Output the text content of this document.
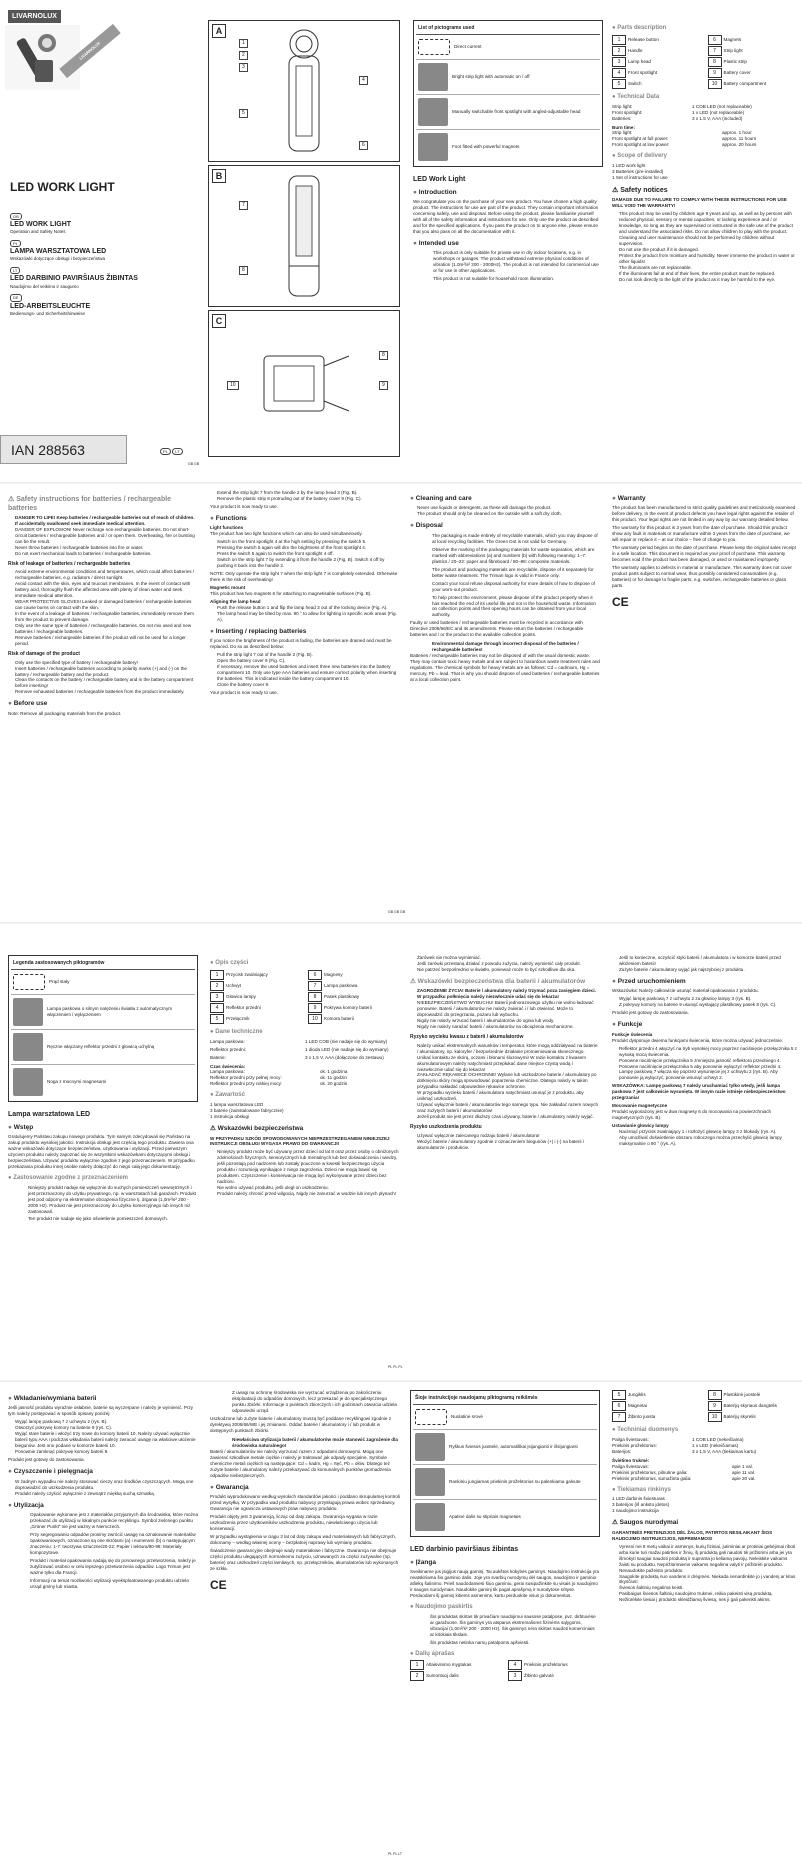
LIVARNOLUX
LIVARNOLUX
LED WORK LIGHT
GB
LED WORK LIGHT
Operation and Safety Notes
PL
LAMPA WARSZTATOWA LED
Wskazówki dotyczące obsługi i bezpieczeństwa
LT
LED DARBINIO PAVIRŠIAUS ŽIBINTAS
Naudojimo del veikimo ir saugumo
DE
LED-ARBEITSLEUCHTE
Bedienungs- und Sicherheitshinweise
IAN 288563	PL LT
GB GB
A
1
2
3
4
5
6
B
7
8
C
8
9
10
List of pictograms used
Direct current
Bright strip light with automatic on / off
Manually switchable front spotlight with angled-adjustable head
Foot fitted with powerful magnets
LED Work Light
● Introduction

We congratulate you on the purchase of your new product. You have chosen a high quality product. The instructions for use are part of the product. They contain important information concerning safety, use and disposal. Before using the product, please familiarise yourself with all of the safety information and instructions for use. Only use the product as described and for the specified applications. If you pass the product on to anyone else, please ensure that you also pass on all the documentation with it.

● Intended use

This product is only suitable for private use in dry indoor locations, e.g. in workshops or garages. The product withstand extreme physical conditions of vibration (1.0m²/s² 200 - 2000Hz). The product is not intended for commercial use or for use in other applications.

This product is not suitable for household room illumination.

● Parts description
1 Release button	6 Magnets
2 Handle	7 Strip light
3 Lamp head	8 Plastic strip
4 Front spotlight	9 Battery cover
5 Switch	10 Battery compartment
● Technical Data
Strip light:	1 COB LED (not replaceable)
Front spotlight:	1 x LED (not replaceable)
Batteries:	3 x 1.5 V, AAA (included)
Burn time:
Strip light:	approx. 1 hour
Front spotlight at full power:	approx. 11 hours
Front spotlight at low power:	approx. 20 hours
● Scope of delivery
1 LED work light
3 Batteries (pre-installed)
1 Set of instructions for use
⚠ Safety notices

DAMAGE DUE TO FAILURE TO COMPLY WITH THESE INSTRUCTIONS FOR USE WILL VOID THE WARRANTY!

• This product may be used by children age 8 years and up, as well as by persons with reduced physical, sensory or mental capacities, or lacking experience and / or knowledge, so long as they are supervised or instructed in the safe use of the product and understand the associated risks. Do not allow children to play with the product. Cleaning and user maintenance should not be performed by children without supervision.
• Do not use the product if it is damaged.
• Protect the product from moisture and humidity. Never immerse the product in water or other liquids!
• The illuminants are not replaceable.
• If the illuminants fail at end of their lives, the entire product must be replaced.
• Do not look directly to the light of the product as it may be harmful to the eye.
⚠ Safety instructions for batteries / rechargeable batteries
• DANGER TO LIFE! Keep batteries / rechargeable batteries out of reach of children. If accidentally swallowed seek immediate medical attention.
• DANGER OF EXPLOSION! Never recharge non-rechargeable batteries. Do not short-circuit batteries / rechargeable batteries and / or open them. Overheating, fire or bursting can be the result.
• Never throw batteries / rechargeable batteries into fire or water.
• Do not exert mechanical loads to batteries / rechargeable batteries.
Risk of leakage of batteries / rechargeable batteries
• Avoid extreme environmental conditions and temperatures, which could affect batteries / rechargeable batteries, e.g. radiators / direct sunlight.
• Avoid contact with the skin, eyes and mucous membranes. In the event of contact with battery acid, thoroughly flush the affected area with plenty of clean water and seek immediate medical attention.
• WEAR PROTECTIVE GLOVES! Leaked or damaged batteries / rechargeable batteries can cause burns on contact with the skin.
• In the event of a leakage of batteries / rechargeable batteries, immediately remove them from the product to prevent damage.
• Only use the same type of batteries / rechargeable batteries. Do not mix used and new batteries / rechargeable batteries.
• Remove batteries / rechargeable batteries if the product will not be used for a longer period.
Risk of damage of the product
• Only use the specified type of battery / rechargeable battery!
• Insert batteries / rechargeable batteries according to polarity marks (+) and (-) on the battery / rechargeable battery and the product.
• Clean the contacts on the battery / rechargeable battery and in the battery compartment before inserting!
• Remove exhausted batteries / rechargeable batteries from the product immediately.
● Before use

Note: Remove all packaging materials from the product.

• Extend the strip light 7 from the handle 2 by the lamp head 3 (Fig. B).
• Remove the plastic strip 8 protruding out of the battery cover 9 (Fig. C).

Your product is now ready to use.

● Functions
Light functions

The product has two light functions which can also be used simultaneously.

• Switch on the front spotlight 4 at the high setting by pressing the switch 5.
• Pressing the switch 5 again will dim the brightness of the front spotlight 4.
• Press the switch 5 again to switch the front spotlight 4 off.
• Switch on the strip light 7 by extending it from the handle 2 (Fig. B). Switch it off by pushing it back into the handle 2.

NOTE: Only operate the strip light 7 when the strip light 7 is completely extended. Otherwise there is the risk of overheating!

Magnetic mount

This product has two magnets 6 for attaching to magnetisable surfaces (Fig. B).

Aligning the lamp head
• Push the release button 1 and flip the lamp head 3 out of the locking device (Fig. A).
• The lamp head may be tilted by max. 90 ° to allow for lighting in specific work areas (Fig. A).
● Inserting / replacing batteries

If you notice the brightness of the product is fading, the batteries are drained and must be replaced. Do so as described below:

• Pull the strip light 7 out of the handle 2 (Fig. B).
• Open the battery cover 9 (Fig. C).
• If necessary, remove the used batteries and insert three new batteries into the battery compartment 10. Only use type AAA batteries and ensure correct polarity when inserting the batteries. This is indicated inside the battery compartment 10.
• Close the battery cover 9.

Your product is now ready to use.

● Cleaning and care
• Never use liquids or detergents, as these will damage the product.
• The product should only be cleaned on the outside with a soft dry cloth.
● Disposal

The packaging is made entirely of recyclable materials, which you may dispose of at local recycling facilities. The Green Dot is not valid for Germany.

Observe the marking of the packaging materials for waste separation, which are marked with abbreviations (a) and numbers (b) with following meaning: 1–7: plastics / 20–22: paper and fibreboard / 80–98: composite materials.

The product and packaging materials are recyclable, dispose of it separately for better waste treatment. The Triman logo is valid in France only.

Contact your local refuse disposal authority for more details of how to dispose of your worn-out product.

To help protect the environment, please dispose of the product properly when it has reached the end of its useful life and not in the household waste. Information on collection points and their opening hours can be obtained from your local authority.

Faulty or used batteries / rechargeable batteries must be recycled in accordance with Directive 2006/66/EC and its amendments. Please return the batteries / rechargeable batteries and / or the product to the available collection points.

Environmental damage through incorrect disposal of the batteries / rechargeable batteries!

Batteries / rechargeable batteries may not be disposed of with the usual domestic waste. They may contain toxic heavy metals and are subject to hazardous waste treatment rules and regulations. The chemical symbols for heavy metals are as follows: Cd = cadmium, Hg = mercury, Pb = lead. That is why you should dispose of used batteries / rechargeable batteries at a local collection point.

● Warranty

The product has been manufactured to strict quality guidelines and meticulously examined before delivery. In the event of product defects you have legal rights against the retailer of this product. Your legal rights are not limited in any way by our warranty detailed below.

The warranty for this product is 3 years from the date of purchase. Should this product show any fault in materials or manufacture within 3 years from the date of purchase, we will repair or replace it – at our choice – free of charge to you.

The warranty period begins on the date of purchase. Please keep the original sales receipt in a safe location. This document is required as your proof of purchase. This warranty becomes void if the product has been damaged, or used or maintained improperly.

The warranty applies to defects in material or manufacture. This warranty does not cover product parts subject to normal wear, thus possibly considered consumables (e.g. batteries) or for damage to fragile parts, e.g. switches, rechargeable batteries or glass parts.

CE
GB GB GB
Legenda zastosowanych piktogramów
Prąd stały
Lampa paskowa o silnym natężeniu światła z automatycznym włączeniem i wyłączeniem
Ręczne włączany reflektor przedni z głowicą uchylną
Noga z mocnymi magnesami
Lampa warsztatowa LED
● Wstęp

Gratulujemy Państwu zakupu nowego produktu. Tym samym zdecydowali się Państwo na zakup produktu wysokiej jakości. Instrukcja obsługi jest częścią tego produktu. Zawiera ona ważne wskazówki dotyczące bezpieczeństwa, użytkowania i utylizacji. Przed pierwszym użyciem produktu należy zapoznać się ze wszystkimi wskazówkami dotyczącymi obsługi i bezpieczeństwa. Używać produktu wyłącznie zgodnie z jego przeznaczeniem. W przypadku przekazania produktu innej osobie należy dołączyć do niego całą jego dokumentację.

● Zastosowanie zgodne z przeznaczeniem

Niniejszy produkt nadaje się wyłącznie do suchych pomieszczeń wewnętrznych i jest przeznaczony do użytku prywatnego, np. w warsztatach lub garażach. Produkt jest pod odporny na ekstremalne obciążenia fizyczne tj. drgania (1,0m²/s² 200 - 2000 Hz). Produkt nie jest przeznaczony do użytku komercyjnego lub innych niż zastosowań.

Ten produkt nie nadaje się jako oświetlenie pomieszczeń domowych.

● Opis części
1 Przycisk zwalniający	6 Magnesy
2 Uchwyt	7 Lampa paskowa
3 Głowica lampy	8 Pasek plastikowy
4 Reflektor przedni	9 Pokrywa komory baterii
5 Przełącznik	10 Komora baterii
● Dane techniczne
Lampa paskowa:	1 LED COB (nie nadaje się do wymiany)
Reflektor przedni:	1 dioda LED (nie nadaje się do wymiany)
Baterie:	3 x 1,5 V, AAA (dołączone do zestawu)
Czas świecenia:
Lampa paskowa:	ok. 1 godzina
Reflektor przedni przy pełnej mocy:	ok. 11 godzin
Reflektor przedni przy niskiej mocy:	ok. 20 godzin
● Zawartość
1 lampa warsztatowa LED
3 baterie (zainstalowane fabrycznie)
1 instrukcja obsługi
⚠ Wskazówki bezpieczeństwa

W PRZYPADKU SZKÓD SPOWODOWANYCH NIEPRZESTRZEGANIEM NINIEJSZEJ INSTRUKCJI OBSŁUGI WYGASA PRAWO DO GWARANCJI!

• Niniejszy produkt może być używany przez dzieci od lat 8 oraz przez osoby o obniżonych zdolnościach fizycznych, sensorycznych lub mentalnych lub bez doświadczenia i wiedzy, jeśli pozostają pod nadzorem lub zostały pouczone w kwestii bezpiecznego użycia produktu i rozumieją wynikające z niego zagrożenia. Dzieci nie mogą bawić się produktem. Czyszczenie i konserwacja nie mogą być wykonywane przez dzieci bez nadzoru.
• Nie wolno używać produktu, jeśli uległ on uszkodzeniu.
• Produkt należy chronić przed wilgocią. Nigdy nie zanurzać w wodzie lub innych płynach!
• Żarówek nie można wymieniać.
• Jeśli żarówki przestaną działać z powodu zużycia, należy wymienić cały produkt.
• Nie patrzeć bezpośrednio w światło, ponieważ może to być szkodliwe dla oka.
⚠ Wskazówki bezpieczeństwa dla baterii / akumulatorów
• ZAGROŻENIE ŻYCIA! Baterie / akumulatory należy trzymać poza zasięgiem dzieci. W przypadku połknięcia należy niezwłocznie udać się do lekarza!
• NIEBEZPIECZEŃSTWO WYBUCHU! Baterii jednorazowego użytku nie wolno ładować ponownie. Baterii / akumulatorów nie należy zwierać i / lub otwierać. Może to doprowadzić do przegrzania, pożaru lub wybuchu.
• Nigdy nie należy wrzucać baterii / akumulatorów do ognia lub wody.
• Nigdy nie należy narażać baterii / akumulatorów na obciążenia mechaniczne.
Ryzyko wycieku kwasu z baterii / akumulatorów
• Należy unikać ekstremalnych warunków i temperatur, które mogą oddziaływać na baterie / akumulatory, np. kaloryfer / bezpośrednie działanie promieniowania słonecznego.
• Unikać kontaktu ze skórą, oczami i błonami śluzowymi! W razie kontaktu z kwasem akumulatorowym należy natychmiast przepłukać dane miejsce czystą wodą i niezwłocznie udać się do lekarza!
• ZAKŁADAĆ RĘKAWICE OCHRONNE! Wylane lub uszkodzone baterie / akumulatory po dotknięciu skóry mogą spowodować poparzenia chemiczne. Dlatego należy w takim przypadku nakładać odpowiednie rękawice ochronne.
• W przypadku wycieku baterii / akumulatora natychmiast usunąć je z produktu, aby uniknąć uszkodzeń.
• Używać wyłącznie baterii / akumulatorów tego samego typu. Nie zakładać razem nowych oraz zużytych baterii / akumulatorów!
• Jeżeli produkt nie jest przez dłuższy czas używany, baterie / akumulatory należy wyjąć.
Ryzyko uszkodzenia produktu
• Używać wyłącznie zalecanego rodzaju baterii / akumulatora!
• Włożyć baterie / akumulatory zgodnie z oznaczeniem biegunów (+) i (-) na baterii / akumulatorze i produkcie.
• Jeśli to konieczne, oczyścić styki baterii / akumulatora i w komorze baterii przed włożeniem baterii!
• Zużyte baterie / akumulatory wyjąć jak najszybciej z produktu.
● Przed uruchomieniem

Wskazówka: Należy całkowicie usunąć materiał opakowania z produktu.

• Wyjąć lampę paskową 7 z uchwytu 2 za głowicę lampy 3 (rys. B).
• Z pokrywy komory na baterie 9 usunąć wystający plastikowy pasek 8 (rys. C).

Produkt jest gotowy do zastosowania.

● Funkcje
Funkcje świecenia

Produkt dysponuje dwiema funkcjami świecenia, które można używać jednocześnie.

• Reflektor przedni 4 włączyć na tryb wysokiej mocy poprzez naciśnięcie przełącznika 5 z wysoką mocą świecenia.
• Ponowne naciśnięcie przełącznika 5 zmniejsza jasność reflektora przedniego 4.
• Ponowne naciśnięcie przełącznika 5 aby ponownie wyłączyć reflektor przedni 4.
• Lampę paskową 7 włącza się poprzez wysunięcie jej z uchwytu 2 (rys. B). Aby ponownie ją wyłączyć, ponownie wsunąć uchwyt 2.

WSKAZÓWKA: Lampę paskową 7 należy uruchamiać tylko wtedy, jeśli lampa paskowa 7 jest całkowicie wysunięta. W innym razie istnieje niebezpieczeństwo przegrzania!

Mocowanie magnetyczne

Produkt wyposażony jest w dwa magnesy 6 do mocowania na powierzchniach magnetycznych (rys. B).

Ustawianie głowicy lampy
• Nacisnąć przycisk zwalniający 1 i rozłożyć głowicę lampy 3 z blokady (rys. A).
• Aby umożliwić doświetlenie obszaru roboczego można przechylić głowicę lampy maksymalnie o 90 ° (rys. A).
PL PL PL
● Wkładanie/wymiana baterii

Jeśli jasność produktu wyraźnie osłabnie, baterie są wyczerpane i należy je wymienić. Przy tym należy postępować w sposób opisany poniżej:

• Wyjąć lampę paskową 7 z uchwytu 2 (rys. B).
• Otworzyć pokrywę komory na baterie 9 (rys. C).
• Wyjąć stare baterie i włożyć trzy nowe do komory baterii 10. Należy używać wyłącznie baterii typu AAA i podczas wkładania baterii należy zwracać uwagę na właściwe ułożenie biegunów. Jest ono podane w komorze baterii 10.
• Ponownie zamknąć pokrywę komory baterii 9.

Produkt jest gotowy do zastosowania.

● Czyszczenie i pielęgnacja
• W żadnym wypadku nie należy stosować cieczy oraz środków czyszczących. Mogą one doprowadzić do uszkodzenia produktu.
• Produkt należy czyścić wyłącznie z zewnątrz miękką suchą szmatką.
● Utylizacja

Opakowanie wykonane jest z materiałów przyjaznych dla środowiska, które można przekazać do utylizacji w lokalnym punkcie recyklingu. Symbol zielonego punktu „Grüner Punkt“ nie jest ważny w Niemczech.

Przy segregowaniu odpadów prosimy zwrócić uwagę na oznakowanie materiałów opakowaniowych, oznaczone są one skrótami (a) i numerami (b) o następującym znaczeniu: 1-7: tworzywa sztuczne/20-22: Papier i tektura/80-98: Materiały kompozytowe.

Produkt i materiał opakowania nadają się do ponownego przetworzenia, należy je zutylizować osobno w celu lepszego przetworzenia odpadów. Logo Triman jest ważne tylko dla Francji.

Informacji na temat możliwości utylizacji wyeksploatowanego produktu udziela urząd gminy lub miasta.

Z uwagi na ochronę środowiska nie wyrzucać urządzenia po zakończeniu eksploatacji do odpadów domowych, lecz przekazać je do specjalistycznego punktu zbiórki. Informacje o punktach zbiorczych i ich godzinach otwarcia udziela odpowiedni urząd.

Uszkodzone lub zużyte baterie / akumulatory muszą być poddane recyklingowi zgodnie z dyrektywą 2006/66/WE i jej zmianami. Oddać baterie / akumulatory i / lub produkt w dostępnych punktach zbiórki.

Niewłaściwa utylizacja baterii / akumulatorów może stanowić zagrożenie dla środowiska naturalnego!

Baterii / akumulatorów nie należy wyrzucać razem z odpadami domowymi. Mogą one zawierać szkodliwe metale ciężkie i należy je traktować jak odpady specjalne. Symbole chemiczne metali ciężkich są następujące: Cd = kadm, Hg = rtęć, Pb = ołów. Dlatego też zużyte baterie / akumulatory należy przekazywać do komunalnych punktów gromadzenia odpadów niebezpiecznych.

● Gwarancja

Produkt wyprodukowano według wysokich standardów jakości i poddano skrupulatnej kontroli przed wysyłką. W przypadku wad produktu nabywcy przysługują prawa wobec sprzedawcy. Gwarancja nie ogranicza ustawowych praw nabywcy produktu.

Produkt objęty jest 3 gwarancją, licząc od daty zakupu. Gwarancja wygasa w razie uszkodzenia przez użytkowników uszkodzenia produktu, niewłaściwego użycia lub konserwacji.

W przypadku wystąpienia w ciągu 3 lat od daty zakupu wad materiałowych lub fabrycznych, dokonamy – według własnej oceny – bezpłatnej naprawy lub wymiany produktu.

Świadczenie gwarancyjne obejmuje wady materiałowe i fabryczne. Gwarancja nie obejmuje części produktu ulegających normalnemu zużyciu, uznawanych za części zużywalne (np. baterie) oraz uszkodzeń części łamliwych, np. przełączników, akumulatorów lub wykonanych ze szkła.

CE
Šioje instrukcijoje naudojamų piktogramų reikšmės
Nuolatinė srovė
Ryškus šviesos juostelė, automatiškai įsijungianti ir išsijungianti
Rankiniu jungiamas priekinis prožektorius su palenkiama galvute
Apatinė dalis su stipriais magnetais
LED darbinio paviršiaus žibintas
● Įžanga

Sveikiname jus įsigijus naują gaminį. Tai aukštos kokybės gaminys. Naudojimo instrukcija yra neatskiriama šio gaminio dalis. Joje yra svarbių nurodymų dėl saugos, naudojimo ir gaminio atliekų šalinimo. Prieš naudodamiesi šiuo gaminiu, gerai susipažinkite su visais jo naudojimo ir saugos nurodymais. Naudokite gaminį tik pagal aprašymą ir nurodytose srityse. Perduodami šį gaminį kitiems asmenims, kartu perduokite visus jo dokumentus.

● Naudojimo paskirtis

Šis produktas skirtas tik privačiam naudojimui sausose patalpose, pvz. dirbtuvėse ar garažuose. Šis gaminys yra atsparus ekstremalioms fizinėms sąlygoms, vibracijai (1,0m²/s² 200 - 2000 Hz). Šis gaminys nėra skirtas naudoti komerciniais ar kitokiais tikslais.

Šis produktas netinka namų patalpoms apšviesti.

● Dalių aprašas
1 Atlaisvinimo mygtukas	4 Priekinis prožektorius
2 Sumontuoj dalis	3 Žibinto galvutė
5 Jungiklis	8 Plastikinė juostelė
6 Magnetai	9 Baterijų skyriaus dangtelis
7 Žibinto juosta	10 Baterijų skyrelis
● Techniniai duomenys
Pailga šviestuvas:	1 COB LED (nekeičiama)
Priekinis prožektorius:	1 x LED (nekeičiamas)
Baterijos:	3 x 1,5 V, AAA (tiekiamas kartu)
Šviėtimo trukmė:
Pailga šviestuvas:	apie 1 val.
Priekinis prožektorius, pilnutine galia:	apie 11 val.
Priekinis prožektorius, sumažinta galia:	apie 20 val.
● Tiekiamas rinkinys
1 LED darbinis šviestuvas
3 baterijos (iš anksto įdėtos)
1 naudojimo instrukcija
⚠ Saugos nurodymai

GARANTINĖS PRETENZIJOS DĖL ŽALOS, PATIRTOS NESILAIKANT ŠIOS NAUDOJIMO INSTRUKCIJOS, NEPRIIMAMOS!

• Vyresni nei 8 metų vaikai ir asmenys, kurių fiziniai, jutiminiai ar protiniai gebėjimai riboti arba kurie turi mažai patirties ir žinių, šį produktą gali naudoti tik prižiūrimi arba jei yra išmokyti saugiai naudoti produktą ir supranta jo keliamą pavojų. Neleiskite vaikams žaisti su produktu. Neprižiūrimiems vaikams negalima valyti ir prižiūrėti produkto.
• Nenaudokite pažeisto produkto.
• Saugokite produktą nuo vandens ir drėgmės. Niekada nenardinkite jo į vandenį ar kitus skysčius!
• Šviesos šaltinių negalima keisti.
• Pasibaigus šviesos šaltinių naudojimo trukmei, reikia pakeisti visą produktą.
• Nežiūrėkite tiesiai į produkto skleidžiamą šviesą, nes ji gali pakenkti akims.
PL PL LT
